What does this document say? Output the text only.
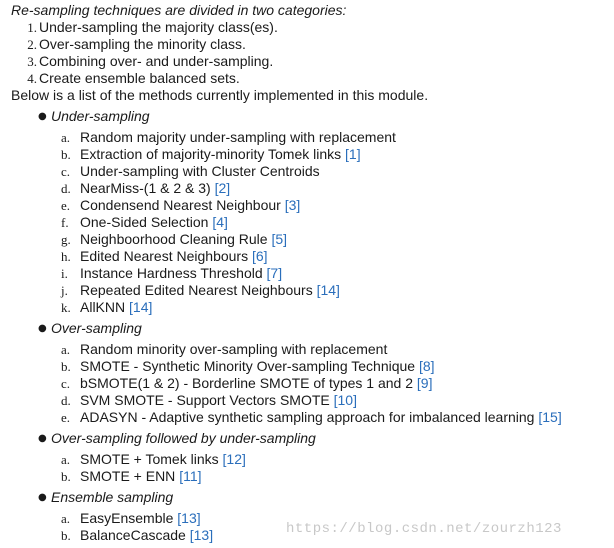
Re-sampling techniques are divided in two categories:
1. Under-sampling the majority class(es).
2. Over-sampling the minority class.
3. Combining over- and under-sampling.
4. Create ensemble balanced sets.
Below is a list of the methods currently implemented in this module.
● Under-sampling
a. Random majority under-sampling with replacement
b. Extraction of majority-minority Tomek links [1]
c. Under-sampling with Cluster Centroids
d. NearMiss-(1 & 2 & 3) [2]
e. Condensend Nearest Neighbour [3]
f. One-Sided Selection [4]
g. Neighboorhood Cleaning Rule [5]
h. Edited Nearest Neighbours [6]
i. Instance Hardness Threshold [7]
j. Repeated Edited Nearest Neighbours [14]
k. AllKNN [14]
● Over-sampling
a. Random minority over-sampling with replacement
b. SMOTE - Synthetic Minority Over-sampling Technique [8]
c. bSMOTE(1 & 2) - Borderline SMOTE of types 1 and 2 [9]
d. SVM SMOTE - Support Vectors SMOTE [10]
e. ADASYN - Adaptive synthetic sampling approach for imbalanced learning [15]
● Over-sampling followed by under-sampling
a. SMOTE + Tomek links [12]
b. SMOTE + ENN [11]
● Ensemble sampling
a. EasyEnsemble [13]
b. BalanceCascade [13]	https://blog.csdn.net/zourzh123
